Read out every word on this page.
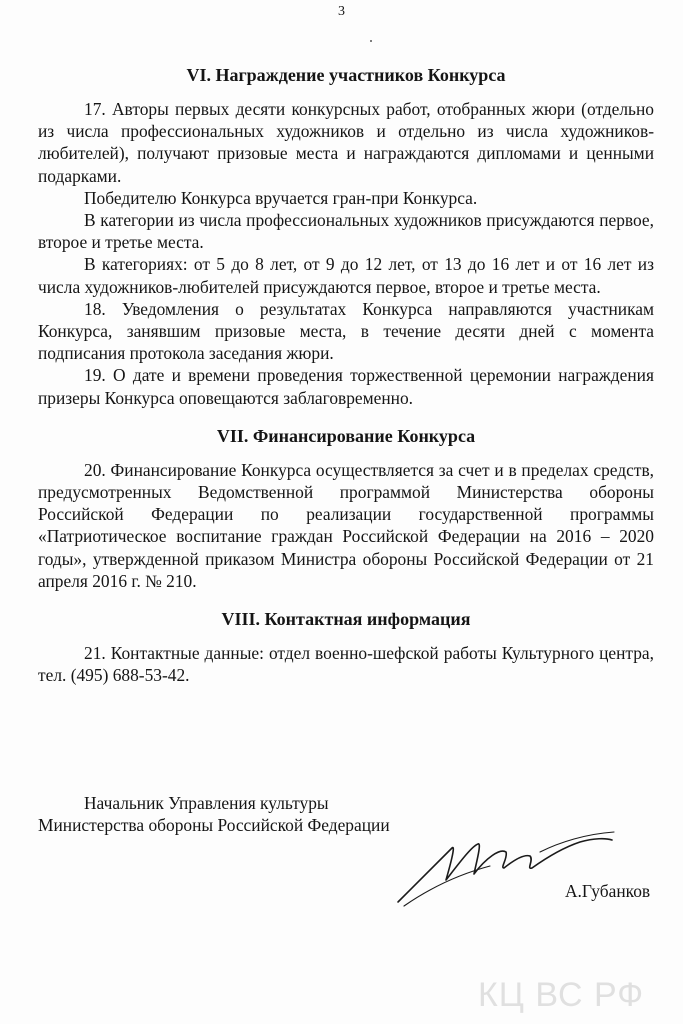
3

VI. Награждение участников Конкурса

17. Авторы первых десяти конкурсных работ, отобранных жюри (отдельно из числа профессиональных художников и отдельно из числа художников-любителей), получают призовые места и награждаются дипломами и ценными подарками.

Победителю Конкурса вручается гран-при Конкурса.

В категории из числа профессиональных художников присуждаются первое, второе и третье места.

В категориях: от 5 до 8 лет, от 9 до 12 лет, от 13 до 16 лет и от 16 лет из числа художников-любителей присуждаются первое, второе и третье места.

18. Уведомления о результатах Конкурса направляются участникам Конкурса, занявшим призовые места, в течение десяти дней с момента подписания протокола заседания жюри.

19. О дате и времени проведения торжественной церемонии награждения призеры Конкурса оповещаются заблаговременно.

VII. Финансирование Конкурса

20. Финансирование Конкурса осуществляется за счет и в пределах средств, предусмотренных Ведомственной программой Министерства обороны Российской Федерации по реализации государственной программы «Патриотическое воспитание граждан Российской Федерации на 2016 – 2020 годы», утвержденной приказом Министра обороны Российской Федерации от 21 апреля 2016 г. № 210.

VIII. Контактная информация

21. Контактные данные: отдел военно-шефской работы Культурного центра, тел. (495) 688-53-42.

Начальник Управления культуры

Министерства обороны Российской Федерации

А.Губанков
КЦ ВС РФ
